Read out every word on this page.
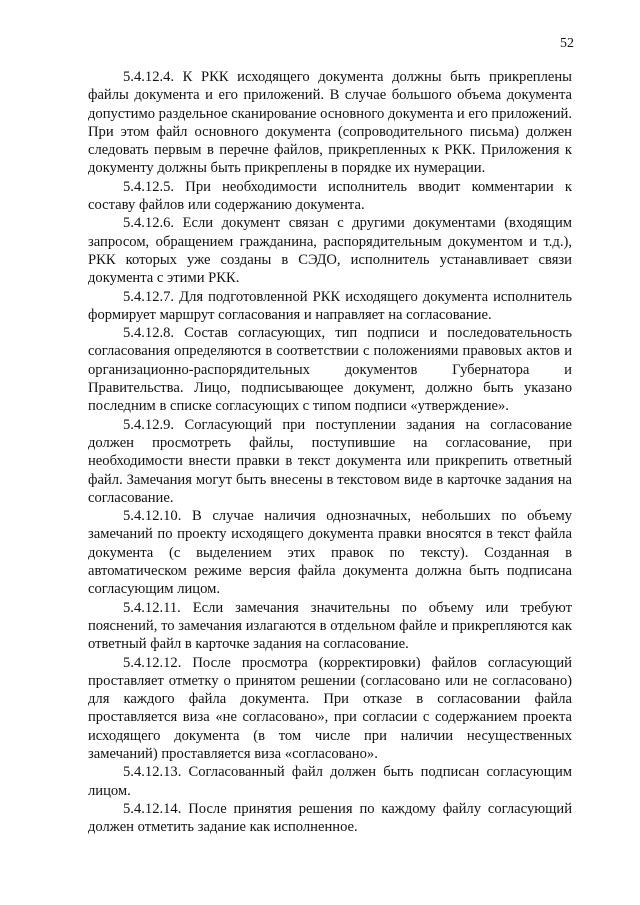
52

5.4.12.4. К РКК исходящего документа должны быть прикреплены файлы документа и его приложений. В случае большого объема документа допустимо раздельное сканирование основного документа и его приложений. При этом файл основного документа (сопроводительного письма) должен следовать первым в перечне файлов, прикрепленных к РКК. Приложения к документу должны быть прикреплены в порядке их нумерации.

5.4.12.5. При необходимости исполнитель вводит комментарии к составу файлов или содержанию документа.

5.4.12.6. Если документ связан с другими документами (входящим запросом, обращением гражданина, распорядительным документом и т.д.), РКК которых уже созданы в СЭДО, исполнитель устанавливает связи документа с этими РКК.

5.4.12.7. Для подготовленной РКК исходящего документа исполнитель формирует маршрут согласования и направляет на согласование.

5.4.12.8. Состав согласующих, тип подписи и последовательность согласования определяются в соответствии с положениями правовых актов и организационно-распорядительных документов Губернатора и Правительства. Лицо, подписывающее документ, должно быть указано последним в списке согласующих с типом подписи «утверждение».

5.4.12.9. Согласующий при поступлении задания на согласование должен просмотреть файлы, поступившие на согласование, при необходимости внести правки в текст документа или прикрепить ответный файл. Замечания могут быть внесены в текстовом виде в карточке задания на согласование.

5.4.12.10. В случае наличия однозначных, небольших по объему замечаний по проекту исходящего документа правки вносятся в текст файла документа (с выделением этих правок по тексту). Созданная в автоматическом режиме версия файла документа должна быть подписана согласующим лицом.

5.4.12.11. Если замечания значительны по объему или требуют пояснений, то замечания излагаются в отдельном файле и прикрепляются как ответный файл в карточке задания на согласование.

5.4.12.12. После просмотра (корректировки) файлов согласующий проставляет отметку о принятом решении (согласовано или не согласовано) для каждого файла документа. При отказе в согласовании файла проставляется виза «не согласовано», при согласии с содержанием проекта исходящего документа (в том числе при наличии несущественных замечаний) проставляется виза «согласовано».

5.4.12.13. Согласованный файл должен быть подписан согласующим лицом.

5.4.12.14. После принятия решения по каждому файлу согласующий должен отметить задание как исполненное.
